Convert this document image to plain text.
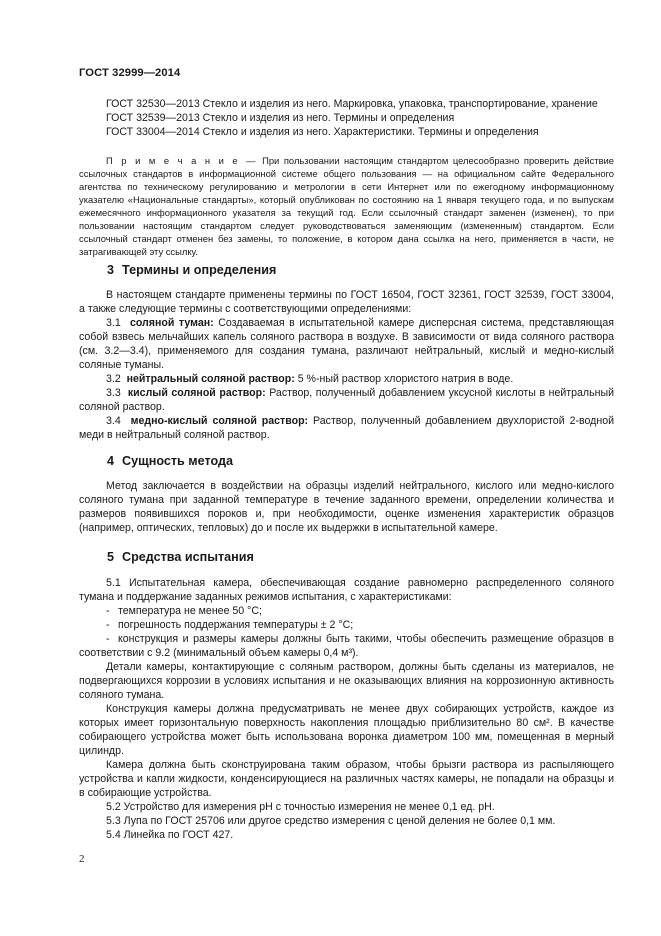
ГОСТ 32999—2014

ГОСТ 32530—2013 Стекло и изделия из него. Маркировка, упаковка, транспортирование, хранение

ГОСТ 32539—2013 Стекло и изделия из него. Термины и определения

ГОСТ 33004—2014 Стекло и изделия из него. Характеристики. Термины и определения

П р и м е ч а н и е — При пользовании настоящим стандартом целесообразно проверить действие ссылочных стандартов в информационной системе общего пользования — на официальном сайте Федерального агентства по техническому регулированию и метрологии в сети Интернет или по ежегодному информационному указателю «Национальные стандарты», который опубликован по состоянию на 1 января текущего года, и по выпускам ежемесячного информационного указателя за текущий год. Если ссылочный стандарт заменен (изменен), то при пользовании настоящим стандартом следует руководствоваться заменяющим (измененным) стандартом. Если ссылочный стандарт отменен без замены, то положение, в котором дана ссылка на него, применяется в части, не затрагивающей эту ссылку.

3 Термины и определения

В настоящем стандарте применены термины по ГОСТ 16504, ГОСТ 32361, ГОСТ 32539, ГОСТ 33004, а также следующие термины с соответствующими определениями:

3.1 соляной туман: Создаваемая в испытательной камере дисперсная система, представляющая собой взвесь мельчайших капель соляного раствора в воздухе. В зависимости от вида соляного раствора (см. 3.2—3.4), применяемого для создания тумана, различают нейтральный, кислый и медно-кислый соляные туманы.

3.2 нейтральный соляной раствор: 5 %-ный раствор хлористого натрия в воде.

3.3 кислый соляной раствор: Раствор, полученный добавлением уксусной кислоты в нейтральный соляной раствор.

3.4 медно-кислый соляной раствор: Раствор, полученный добавлением двухлористой 2-водной меди в нейтральный соляной раствор.

4 Сущность метода

Метод заключается в воздействии на образцы изделий нейтрального, кислого или медно-кислого соляного тумана при заданной температуре в течение заданного времени, определении количества и размеров появившихся пороков и, при необходимости, оценке изменения характеристик образцов (например, оптических, тепловых) до и после их выдержки в испытательной камере.

5 Средства испытания

5.1 Испытательная камера, обеспечивающая создание равномерно распределенного соляного тумана и поддержание заданных режимов испытания, с характеристиками:

- температура не менее 50 °С;

- погрешность поддержания температуры ± 2 °С;

- конструкция и размеры камеры должны быть такими, чтобы обеспечить размещение образцов в соответствии с 9.2 (минимальный объем камеры 0,4 м³).

Детали камеры, контактирующие с соляным раствором, должны быть сделаны из материалов, не подвергающихся коррозии в условиях испытания и не оказывающих влияния на коррозионную активность соляного тумана.

Конструкция камеры должна предусматривать не менее двух собирающих устройств, каждое из которых имеет горизонтальную поверхность накопления площадью приблизительно 80 см². В качестве собирающего устройства может быть использована воронка диаметром 100 мм, помещенная в мерный цилиндр.

Камера должна быть сконструирована таким образом, чтобы брызги раствора из распыляющего устройства и капли жидкости, конденсирующиеся на различных частях камеры, не попадали на образцы и в собирающие устройства.

5.2 Устройство для измерения pH с точностью измерения не менее 0,1 ед. pH.

5.3 Лупа по ГОСТ 25706 или другое средство измерения с ценой деления не более 0,1 мм.

5.4 Линейка по ГОСТ 427.

2
